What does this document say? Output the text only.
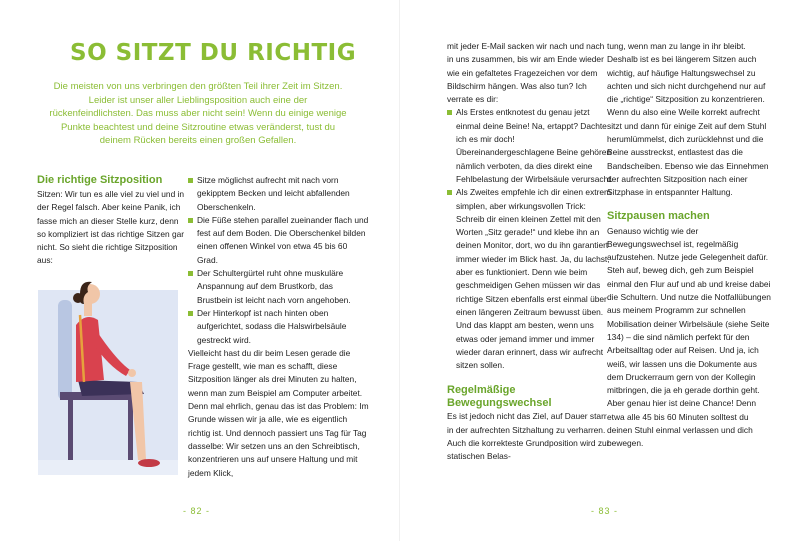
SO SITZT DU RICHTIG
Die meisten von uns verbringen den größten Teil ihrer Zeit im Sitzen. Leider ist unser aller Lieblingsposition auch eine der rückenfeindlichsten. Das muss aber nicht sein! Wenn du einige wenige Punkte beachtest und deine Sitzroutine etwas veränderst, tust du deinem Rücken bereits einen großen Gefallen.
Die richtige Sitzposition
Sitzen: Wir tun es alle viel zu viel und in der Regel falsch. Aber keine Panik, ich fasse mich an dieser Stelle kurz, denn so kompliziert ist das richtige Sitzen gar nicht. So sieht die richtige Sitzposition aus:
Sitze möglichst aufrecht mit nach vorn gekipptem Becken und leicht abfallenden Oberschenkeln.
Die Füße stehen parallel zueinander flach und fest auf dem Boden. Die Oberschenkel bilden einen offenen Winkel von etwa 45 bis 60 Grad.
Der Schultergürtel ruht ohne muskuläre Anspannung auf dem Brustkorb, das Brustbein ist leicht nach vorn angehoben.
Der Hinterkopf ist nach hinten oben aufgerichtet, sodass die Halswirbelsäule gestreckt wird.

Vielleicht hast du dir beim Lesen gerade die Frage gestellt, wie man es schafft, diese Sitzposition länger als drei Minuten zu halten, wenn man zum Beispiel am Computer arbeitet. Denn mal ehrlich, genau das ist das Problem: Im Grunde wissen wir ja alle, wie es eigentlich richtig ist. Und dennoch passiert uns Tag für Tag dasselbe: Wir setzen uns an den Schreibtisch, konzentrieren uns auf unsere Haltung und mit jedem Klick,

- 82 -

mit jeder E-Mail sacken wir nach und nach in uns zusammen, bis wir am Ende wieder wie ein gefaltetes Fragezeichen vor dem Bildschirm hängen. Was also tun? Ich verrate es dir:

Als Erstes entknotest du genau jetzt einmal deine Beine! Na, ertappt? Dachte ich es mir doch! Übereinandergeschlagene Beine gehören nämlich verboten, da dies direkt eine Fehlbelastung der Wirbelsäule verursacht.
Als Zweites empfehle ich dir einen extrem simplen, aber wirkungsvollen Trick: Schreib dir einen kleinen Zettel mit den Worten „Sitz gerade!“ und klebe ihn an deinen Monitor, dort, wo du ihn garantiert immer wieder im Blick hast. Ja, du lachst, aber es funktioniert. Denn wie beim geschmeidigen Gehen müssen wir das richtige Sitzen ebenfalls erst einmal über einen längeren Zeitraum bewusst üben. Und das klappt am besten, wenn uns etwas oder jemand immer und immer wieder daran erinnert, dass wir aufrecht sitzen sollen.
Regelmäßige Bewegungswechsel

Es ist jedoch nicht das Ziel, auf Dauer starr in der aufrechten Sitzhaltung zu verharren. Auch die korrekteste Grundposition wird zur statischen Belas-

tung, wenn man zu lange in ihr bleibt. Deshalb ist es bei längerem Sitzen auch wichtig, auf häufige Haltungswechsel zu achten und sich nicht durchgehend nur auf die „richtige“ Sitzposition zu konzentrieren.

Wenn du also eine Weile korrekt aufrecht sitzt und dann für einige Zeit auf dem Stuhl herumlümmelst, dich zurücklehnst und die Beine ausstreckst, entlastest das die Bandscheiben. Ebenso wie das Einnehmen der aufrechten Sitzposition nach einer Sitzphase in entspannter Haltung.

Sitzpausen machen

Genauso wichtig wie der Bewegungswechsel ist, regelmäßig aufzustehen. Nutze jede Gelegenheit dafür. Steh auf, beweg dich, geh zum Beispiel einmal den Flur auf und ab und kreise dabei die Schultern. Und nutze die Notfallübungen aus meinem Programm zur schnellen Mobilisation deiner Wirbelsäule (siehe Seite 134) – die sind nämlich perfekt für den Arbeitsalltag oder auf Reisen. Und ja, ich weiß, wir lassen uns die Dokumente aus dem Druckerraum gern von der Kollegin mitbringen, die ja eh gerade dorthin geht. Aber genau hier ist deine Chance! Denn etwa alle 45 bis 60 Minuten solltest du deinen Stuhl einmal verlassen und dich bewegen.

- 83 -
